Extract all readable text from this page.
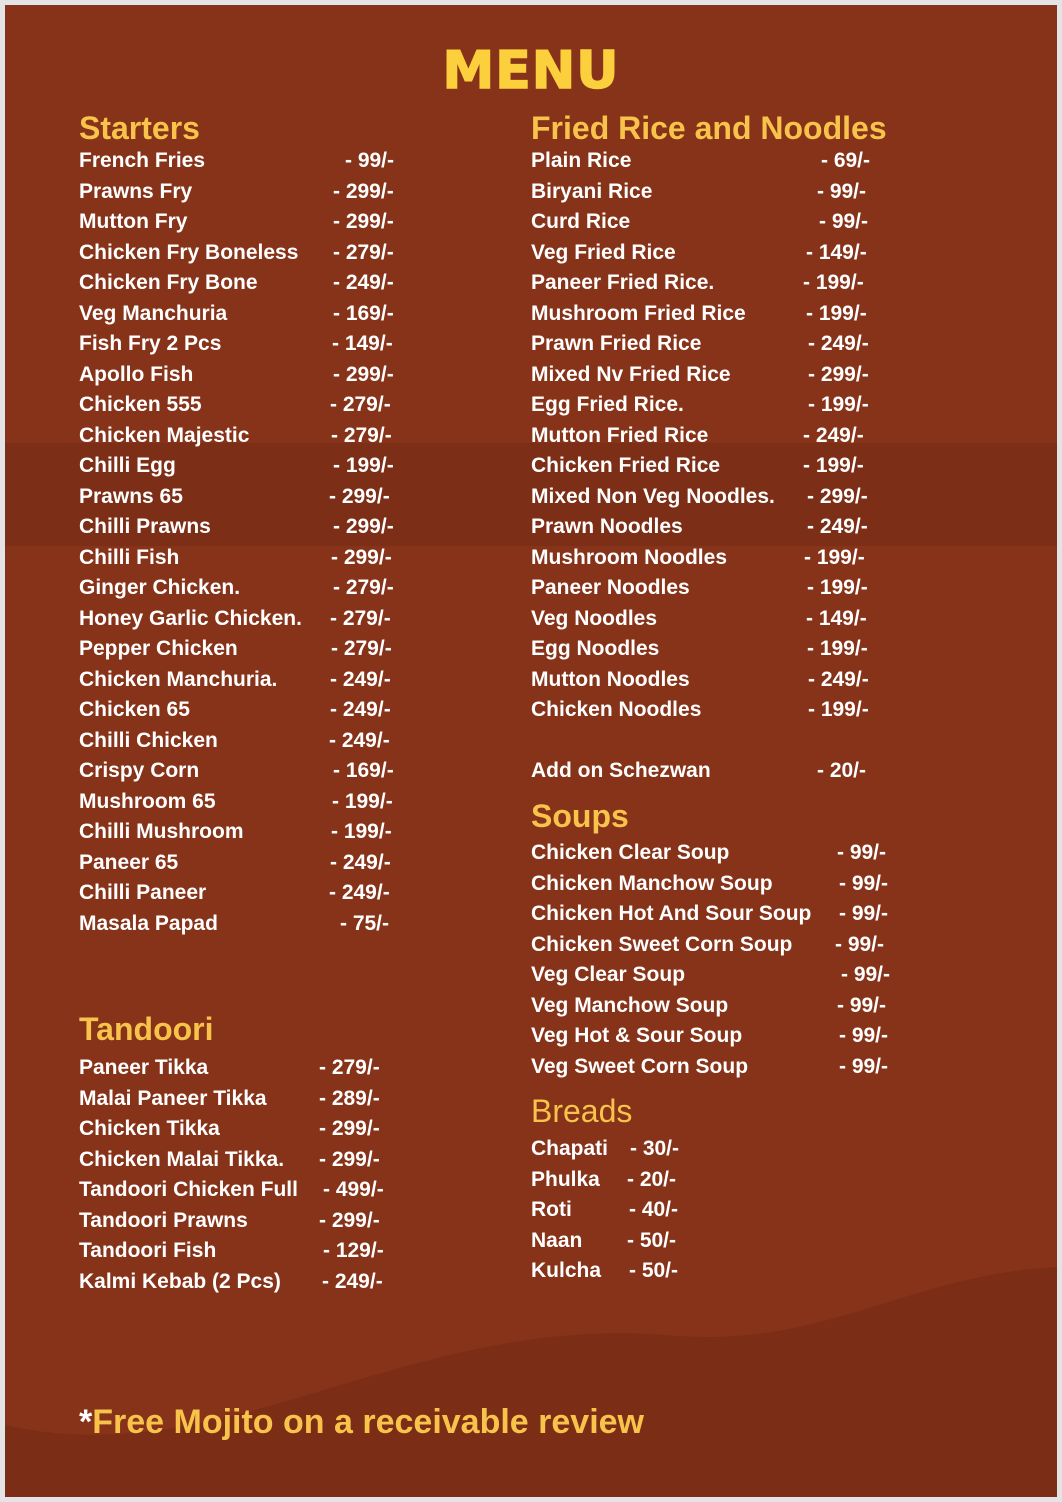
MENU
Starters
French Fries	- 99/-
Prawns Fry	- 299/-
Mutton Fry	- 299/-
Chicken Fry Boneless - 279/-
Chicken Fry Bone	- 249/-
Veg Manchuria	- 169/-
Fish Fry 2 Pcs	- 149/-
Apollo Fish	- 299/-
Chicken 555	- 279/-
Chicken Majestic	- 279/-
Chilli Egg	- 199/-
Prawns 65	- 299/-
Chilli Prawns	- 299/-
Chilli Fish	- 299/-
Ginger Chicken.	- 279/-
Honey Garlic Chicken. - 279/-
Pepper Chicken	- 279/-
Chicken Manchuria.	- 249/-
Chicken 65	- 249/-
Chilli Chicken	- 249/-
Crispy Corn	- 169/-
Mushroom 65	- 199/-
Chilli Mushroom	- 199/-
Paneer 65	- 249/-
Chilli Paneer	- 249/-
Masala Papad	- 75/-
Tandoori
Paneer Tikka	- 279/-
Malai Paneer Tikka - 289/-
Chicken Tikka	- 299/-
Chicken Malai Tikka. - 299/-
Tandoori Chicken Full - 499/-
Tandoori Prawns	- 299/-
Tandoori Fish	- 129/-
Kalmi Kebab (2 Pcs) - 249/-
Fried Rice and Noodles
Plain Rice	- 69/-
Biryani Rice	- 99/-
Curd Rice	- 99/-
Veg Fried Rice	- 149/-
Paneer Fried Rice.	- 199/-
Mushroom Fried Rice	- 199/-
Prawn Fried Rice	- 249/-
Mixed Nv Fried Rice	- 299/-
Egg Fried Rice.	- 199/-
Mutton Fried Rice	- 249/-
Chicken Fried Rice	- 199/-
Mixed Non Veg Noodles. - 299/-
Prawn Noodles	- 249/-
Mushroom Noodles	- 199/-
Paneer Noodles	- 199/-
Veg Noodles	- 149/-
Egg Noodles	- 199/-
Mutton Noodles	- 249/-
Chicken Noodles	- 199/-
Add on Schezwan	- 20/-
Soups
Chicken Clear Soup	- 99/-
Chicken Manchow Soup	- 99/-
Chicken Hot And Sour Soup - 99/-
Chicken Sweet Corn Soup - 99/-
Veg Clear Soup	- 99/-
Veg Manchow Soup	- 99/-
Veg Hot & Sour Soup	- 99/-
Veg Sweet Corn Soup	- 99/-
Breads
Chapati - 30/-
Phulka - 20/-
Roti	- 40/-
Naan - 50/-
Kulcha - 50/-
*Free Mojito on a receivable review
